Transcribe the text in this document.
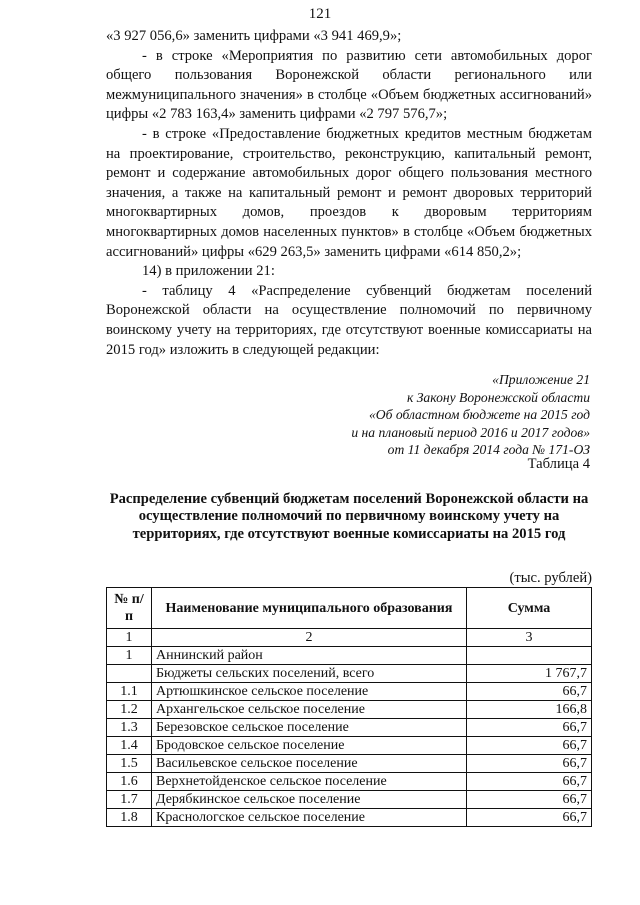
121

«3 927 056,6» заменить цифрами «3 941 469,9»;

- в строке «Мероприятия по развитию сети автомобильных дорог общего пользования Воронежской области регионального или межмуниципального значения» в столбце «Объем бюджетных ассигнований» цифры «2 783 163,4» заменить цифрами «2 797 576,7»;

- в строке «Предоставление бюджетных кредитов местным бюджетам на проектирование, строительство, реконструкцию, капитальный ремонт, ремонт и содержание автомобильных дорог общего пользования местного значения, а также на капитальный ремонт и ремонт дворовых территорий многоквартирных домов, проездов к дворовым территориям многоквартирных домов населенных пунктов» в столбце «Объем бюджетных ассигнований» цифры «629 263,5» заменить цифрами «614 850,2»;

14) в приложении 21:

- таблицу 4 «Распределение субвенций бюджетам поселений Воронежской области на осуществление полномочий по первичному воинскому учету на территориях, где отсутствуют военные комиссариаты на 2015 год» изложить в следующей редакции:

«Приложение 21
к Закону Воронежской области
«Об областном бюджете на 2015 год
и на плановый период 2016 и 2017 годов»
от 11 декабря 2014 года № 171-ОЗ
Таблица 4
Распределение субвенций бюджетам поселений Воронежской области на осуществление полномочий по первичному воинскому учету на территориях, где отсутствуют военные комиссариаты на 2015 год
(тыс. рублей)
№ п/п	Наименование муниципального образования	Сумма
1	2	3
1	Аннинский район	
	Бюджеты сельских поселений, всего	1 767,7
1.1	Артюшкинское сельское поселение	66,7
1.2	Архангельское сельское поселение	166,8
1.3	Березовское сельское поселение	66,7
1.4	Бродовское сельское поселение	66,7
1.5	Васильевское сельское поселение	66,7
1.6	Верхнетойденское сельское поселение	66,7
1.7	Дерябкинское сельское поселение	66,7
1.8	Краснологское сельское поселение	66,7
